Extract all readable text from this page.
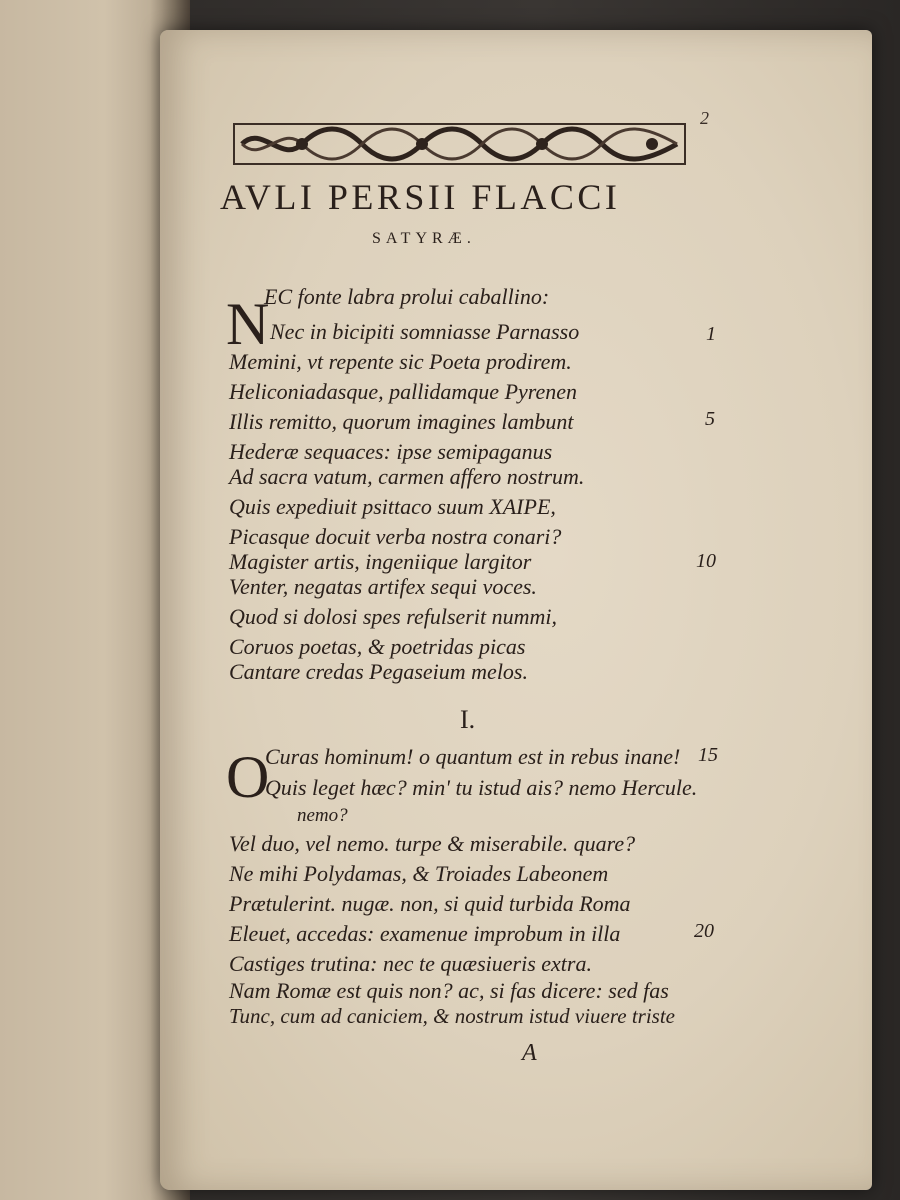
2
AVLI PERSII FLACCI
SATYRÆ.
N
EC fonte labra prolui caballino:
Nec in bicipiti somniasse Parnasso
Memini, vt repente sic Poeta prodirem.
Heliconiadasque, pallidamque Pyrenen
Illis remitto, quorum imagines lambunt
Hederæ sequaces: ipse semipaganus
Ad sacra vatum, carmen affero nostrum.
Quis expediuit psittaco suum ΧΑΙΡΕ,
Picasque docuit verba nostra conari?
Magister artis, ingeniique largitor
Venter, negatas artifex sequi voces.
Quod si dolosi spes refulserit nummi,
Coruos poetas, & poetridas picas
Cantare credas Pegaseium melos.
1
5
10
I.
O
Curas hominum! o quantum est in rebus inane!
Quis leget hæc? min' tu istud ais? nemo Hercule.
nemo?
Vel duo, vel nemo. turpe & miserabile. quare?
Ne mihi Polydamas, & Troiades Labeonem
Prætulerint. nugæ. non, si quid turbida Roma
Eleuet, accedas: examenue improbum in illa
Castiges trutina: nec te quæsiueris extra.
Nam Romæ est quis non? ac, si fas dicere: sed fas
Tunc, cum ad caniciem, & nostrum istud viuere triste
15
20
A
